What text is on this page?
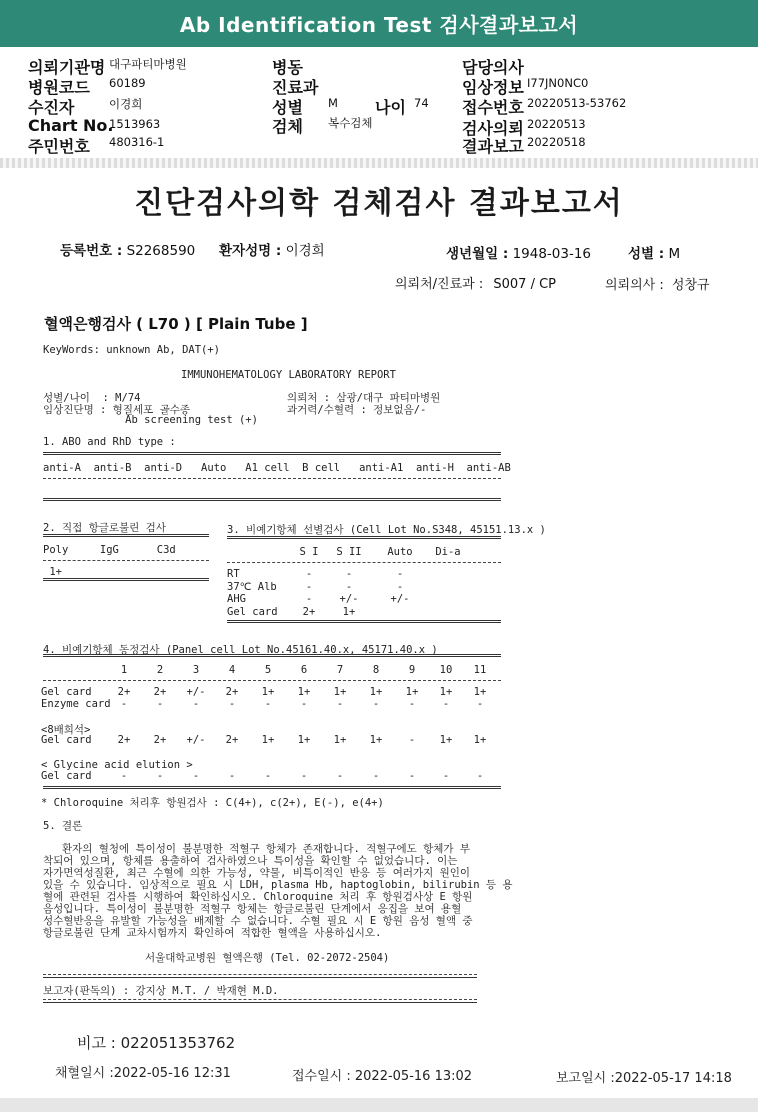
Ab Identification Test 검사결과보고서
의뢰기관명 대구파티마병원
병원코드 60189
수진자	이경희
Chart No.
1513963
주민번호 480316-1
병동
진료과
성별 M 나이 74
검체 복수검체
담당의사
임상정보 I77JN0NC0
접수번호 20220513-53762
검사의뢰 20220513
결과보고 20220518
진단검사의학 검체검사 결과보고서
등록번호 : S2268590 환자성명 : 이경희	생년월일 : 1948-03-16	성별 : M
의뢰처/진료과 : S007 / CP	의뢰의사 : 성창규
혈액은행검사 ( L70 ) [ Plain Tube ]
KeyWords: unknown Ab, DAT(+)
IMMUNOHEMATOLOGY LABORATORY REPORT
성별/나이  : M/74
임상진단명 : 형질세포 골수종
Ab screening test (+)
의뢰처 : 삼광/대구 파티마병원
과거력/수혈력 : 정보없음/-
1. ABO and RhD type :
anti-A  anti-B  anti-D   Auto   A1 cell  B cell   anti-A1  anti-H  anti-AB
2. 직접 항글로불린 검사
Poly     IgG      C3d
1+
3. 비예기항체 선별검사 (Cell Lot No.S348, 45151.13.x )
S I	S II	Auto	Di-a
RT	-	-	-
37℃ Alb	-	-	-
AHG	-	+/-	+/-
Gel card	2+	1+
4. 비예기항체 동정검사 (Panel cell Lot No.45161.40.x, 45171.40.x )
1	2	3	4	5	6	7	8	9	10	11
Gel card	2+	2+	+/-	2+	1+	1+	1+	1+	1+	1+	1+
Enzyme card -	-	-	-	-	-	-	-	-	-	-
<8배희석>
Gel card	2+	2+	+/-	2+	1+	1+	1+	1+	-	1+	1+
< Glycine acid elution >
Gel card	-	-	-	-	-	-	-	-	-	-	-
* Chloroquine 처리후 항원검사 : C(4+), c(2+), E(-), e(4+)
5. 결론
환자의 혈청에 특이성이 불분명한 적혈구 항체가 존재합니다. 적혈구에도 항체가 부
착되어 있으며, 항체를 용출하여 검사하였으나 특이성을 확인할 수 없었습니다. 이는
자가면역성질환, 최근 수혈에 의한 가능성, 약물, 비특이적인 반응 등 여러가지 원인이
있을 수 있습니다. 임상적으로 필요 시 LDH, plasma Hb, haptoglobin, bilirubin 등 용
혈에 관련된 검사를 시행하여 확인하십시오. Chloroquine 처리 후 항원검사상 E 항원
음성입니다. 특이성이 불분명한 적혈구 항체는 항글로불린 단계에서 응집을 보여 용혈
성수혈반응을 유발할 가능성을 배제할 수 없습니다. 수혈 필요 시 E 항원 음성 혈액 중
항글로불린 단계 교차시험까지 확인하여 적합한 혈액을 사용하십시오.
서울대학교병원 혈액은행 (Tel. 02-2072-2504)
보고자(판독의) : 강지상 M.T. / 박재현 M.D.
비고 : 022051353762
채혈일시 :2022-05-16 12:31	접수일시 : 2022-05-16 13:02	보고일시 :2022-05-17 14:18
